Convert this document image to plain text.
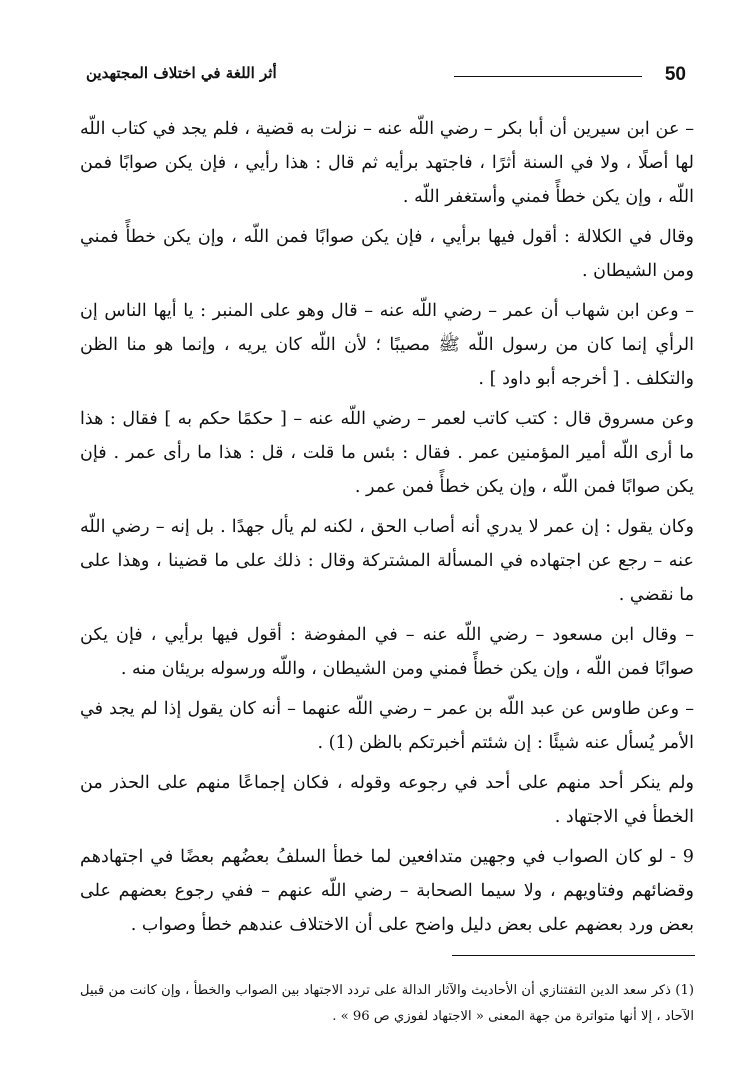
50
أثر اللغة في اختلاف المجتهدين

– عن ابن سيرين أن أبا بكر – رضي اللّه عنه – نزلت به قضية ، فلم يجد في كتاب اللّه لها أصلًا ، ولا في السنة أثرًا ، فاجتهد برأيه ثم قال : هذا رأيي ، فإن يكن صوابًا فمن اللّه ، وإن يكن خطأً فمني وأستغفر اللّه .

وقال في الكلالة : أقول فيها برأيي ، فإن يكن صوابًا فمن اللّه ، وإن يكن خطأً فمني ومن الشيطان .

– وعن ابن شهاب أن عمر – رضي اللّه عنه – قال وهو على المنبر : يا أيها الناس إن الرأي إنما كان من رسول اللّه ﷺ مصيبًا ؛ لأن اللّه كان يريه ، وإنما هو منا الظن والتكلف . [ أخرجه أبو داود ] .

وعن مسروق قال : كتب كاتب لعمر – رضي اللّه عنه – [ حكمًا حكم به ] فقال : هذا ما أرى اللّه أمير المؤمنين عمر . فقال : بئس ما قلت ، قل : هذا ما رأى عمر . فإن يكن صوابًا فمن اللّه ، وإن يكن خطأً فمن عمر .

وكان يقول : إن عمر لا يدري أنه أصاب الحق ، لكنه لم يأل جهدًا . بل إنه – رضي اللّه عنه – رجع عن اجتهاده في المسألة المشتركة وقال : ذلك على ما قضينا ، وهذا على ما نقضي .

– وقال ابن مسعود – رضي اللّه عنه – في المفوضة : أقول فيها برأيي ، فإن يكن صوابًا فمن اللّه ، وإن يكن خطأً فمني ومن الشيطان ، واللّه ورسوله بريئان منه .

– وعن طاوس عن عبد اللّه بن عمر – رضي اللّه عنهما – أنه كان يقول إذا لم يجد في الأمر يُسأل عنه شيئًا : إن شئتم أخبرتكم بالظن (1) .

ولم ينكر أحد منهم على أحد في رجوعه وقوله ، فكان إجماعًا منهم على الحذر من الخطأ في الاجتهاد .

9 - لو كان الصواب في وجهين متدافعين لما خطأ السلفُ بعضُهم بعضًا في اجتهادهم وقضائهم وفتاويهم ، ولا سيما الصحابة – رضي اللّه عنهم – ففي رجوع بعضهم على بعض ورد بعضهم على بعض دليل واضح على أن الاختلاف عندهم خطأ وصواب .

(1) ذكر سعد الدين التفتنازي أن الأحاديث والآثار الدالة على تردد الاجتهاد بين الصواب والخطأ ، وإن كانت من قبيل الآحاد ، إلا أنها متواترة من جهة المعنى « الاجتهاد لفوزي ص 96 » .
